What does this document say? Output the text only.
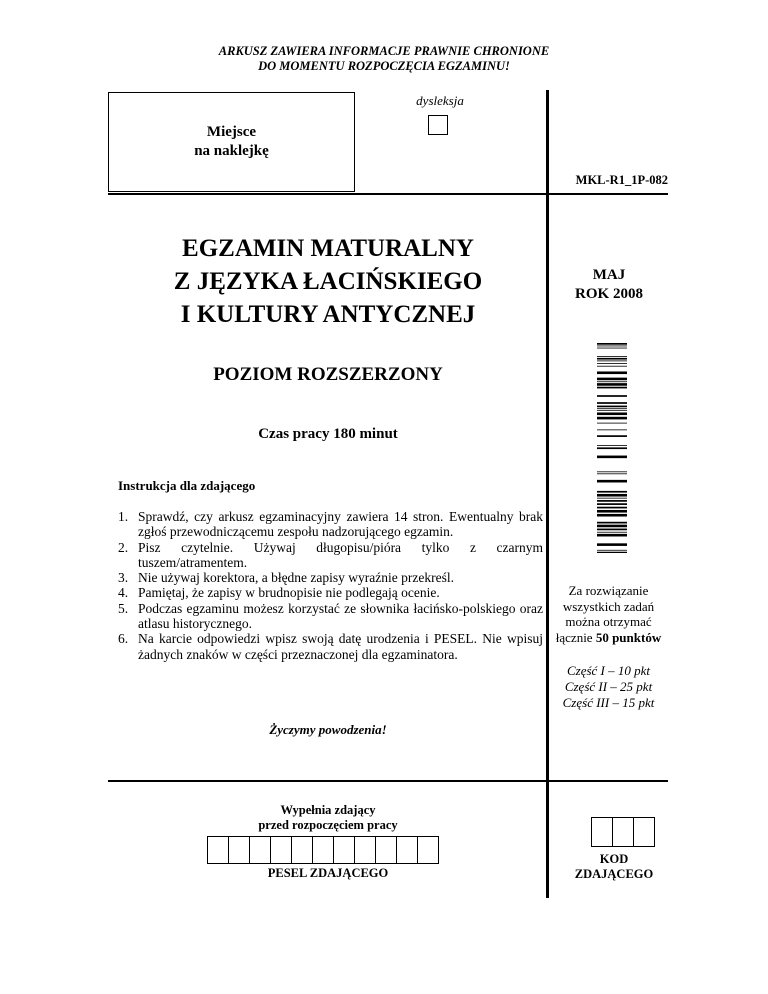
ARKUSZ ZAWIERA INFORMACJE PRAWNIE CHRONIONE
DO MOMENTU ROZPOCZĘCIA EGZAMINU!
Miejsce
na naklejkę
dysleksja
MKL-R1_1P-082
EGZAMIN MATURALNY
Z JĘZYKA ŁACIŃSKIEGO
I KULTURY ANTYCZNEJ
MAJ
ROK 2008
POZIOM ROZSZERZONY
Czas pracy 180 minut
Instrukcja dla zdającego
1. Sprawdź, czy arkusz egzaminacyjny zawiera 14 stron. Ewentualny brak zgłoś przewodniczącemu zespołu nadzorującego egzamin.
2. Pisz czytelnie. Używaj długopisu/pióra tylko z czarnym tuszem/atramentem.
3. Nie używaj korektora, a błędne zapisy wyraźnie przekreśl.
4. Pamiętaj, że zapisy w brudnopisie nie podlegają ocenie.
5. Podczas egzaminu możesz korzystać ze słownika łacińsko-polskiego oraz atlasu historycznego.
6. Na karcie odpowiedzi wpisz swoją datę urodzenia i PESEL. Nie wpisuj żadnych znaków w części przeznaczonej dla egzaminatora.
Za rozwiązanie
wszystkich zadań
można otrzymać
łącznie 50 punktów
Część I – 10 pkt
Część II – 25 pkt
Część III – 15 pkt
Życzymy powodzenia!
Wypełnia zdający
przed rozpoczęciem pracy
PESEL ZDAJĄCEGO
KOD
ZDAJĄCEGO
